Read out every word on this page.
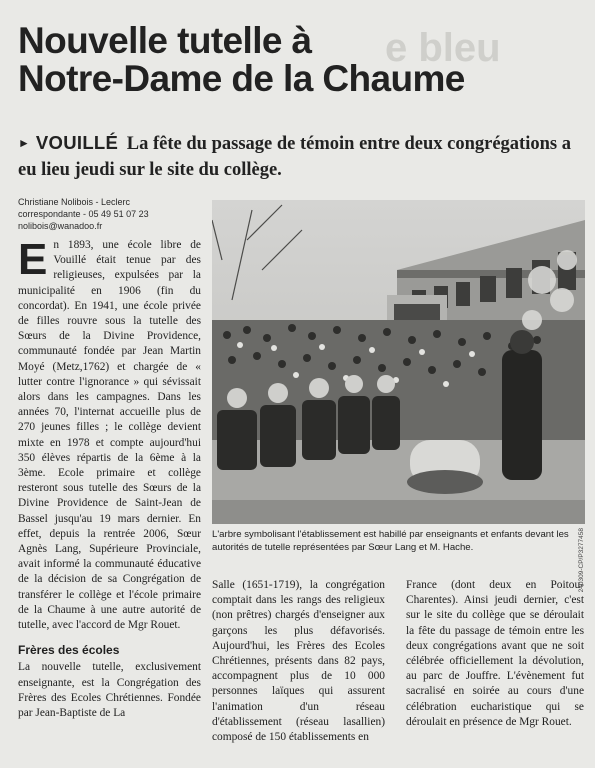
e bleu
Nouvelle tutelle à
Notre-Dame de la Chaume
► VOUILLÉ La fête du passage de témoin entre deux congrégations a eu lieu jeudi sur le site du collège.
Christiane Nolibois - Leclerc
correspondante - 05 49 51 07 23
nolibois@wanadoo.fr
E n 1893, une école libre de Vouillé était tenue par des religieuses, expulsées par la municipalité en 1906 (fin du concordat). En 1941, une école privée de filles rouvre sous la tutelle des Sœurs de la Divine Providence, communauté fondée par Jean Martin Moyé (Metz,1762) et chargée de « lutter contre l'ignorance » qui sévissait alors dans les campagnes. Dans les années 70, l'internat accueille plus de 270 jeunes filles ; le collège devient mixte en 1978 et compte aujourd'hui 350 élèves répartis de la 6ème à la 3ème. Ecole primaire et collège resteront sous tutelle des Sœurs de la Divine Providence de Saint-Jean de Bassel jusqu'au 19 mars dernier. En effet, depuis la rentrée 2006, Sœur Agnès Lang, Supérieure Provinciale, avait informé la communauté éducative de la décision de sa Congrégation de transférer le collège et l'école primaire de la Chaume à une autre autorité de tutelle, avec l'accord de Mgr Rouet.

Frères des écoles

La nouvelle tutelle, exclusivement enseignante, est la Congrégation des Frères des Ecoles Chrétiennes. Fondée par Jean-Baptiste de La

240309-CP/P3277458
L'arbre symbolisant l'établissement est habillé par enseignants et enfants devant les autorités de tutelle représentées par Sœur Lang et M. Hache.

Salle (1651-1719), la congrégation comptait dans les rangs des religieux (non prêtres) chargés d'enseigner aux garçons les plus défavorisés. Aujourd'hui, les Frères des Ecoles Chrétiennes, présents dans 82 pays, accompagnent plus de 10 000 personnes laïques qui assurent l'animation d'un réseau d'établissement (réseau lasallien) composé de 150 établissements en

France (dont deux en Poitou-Charentes). Ainsi jeudi dernier, c'est sur le site du collège que se déroulait la fête du passage de témoin entre les deux congrégations avant que ne soit célébrée officiellement la dévolution, au parc de Jouffre. L'évènement fut sacralisé en soirée au cours d'une célébration eucharistique qui se déroulait en présence de Mgr Rouet.
